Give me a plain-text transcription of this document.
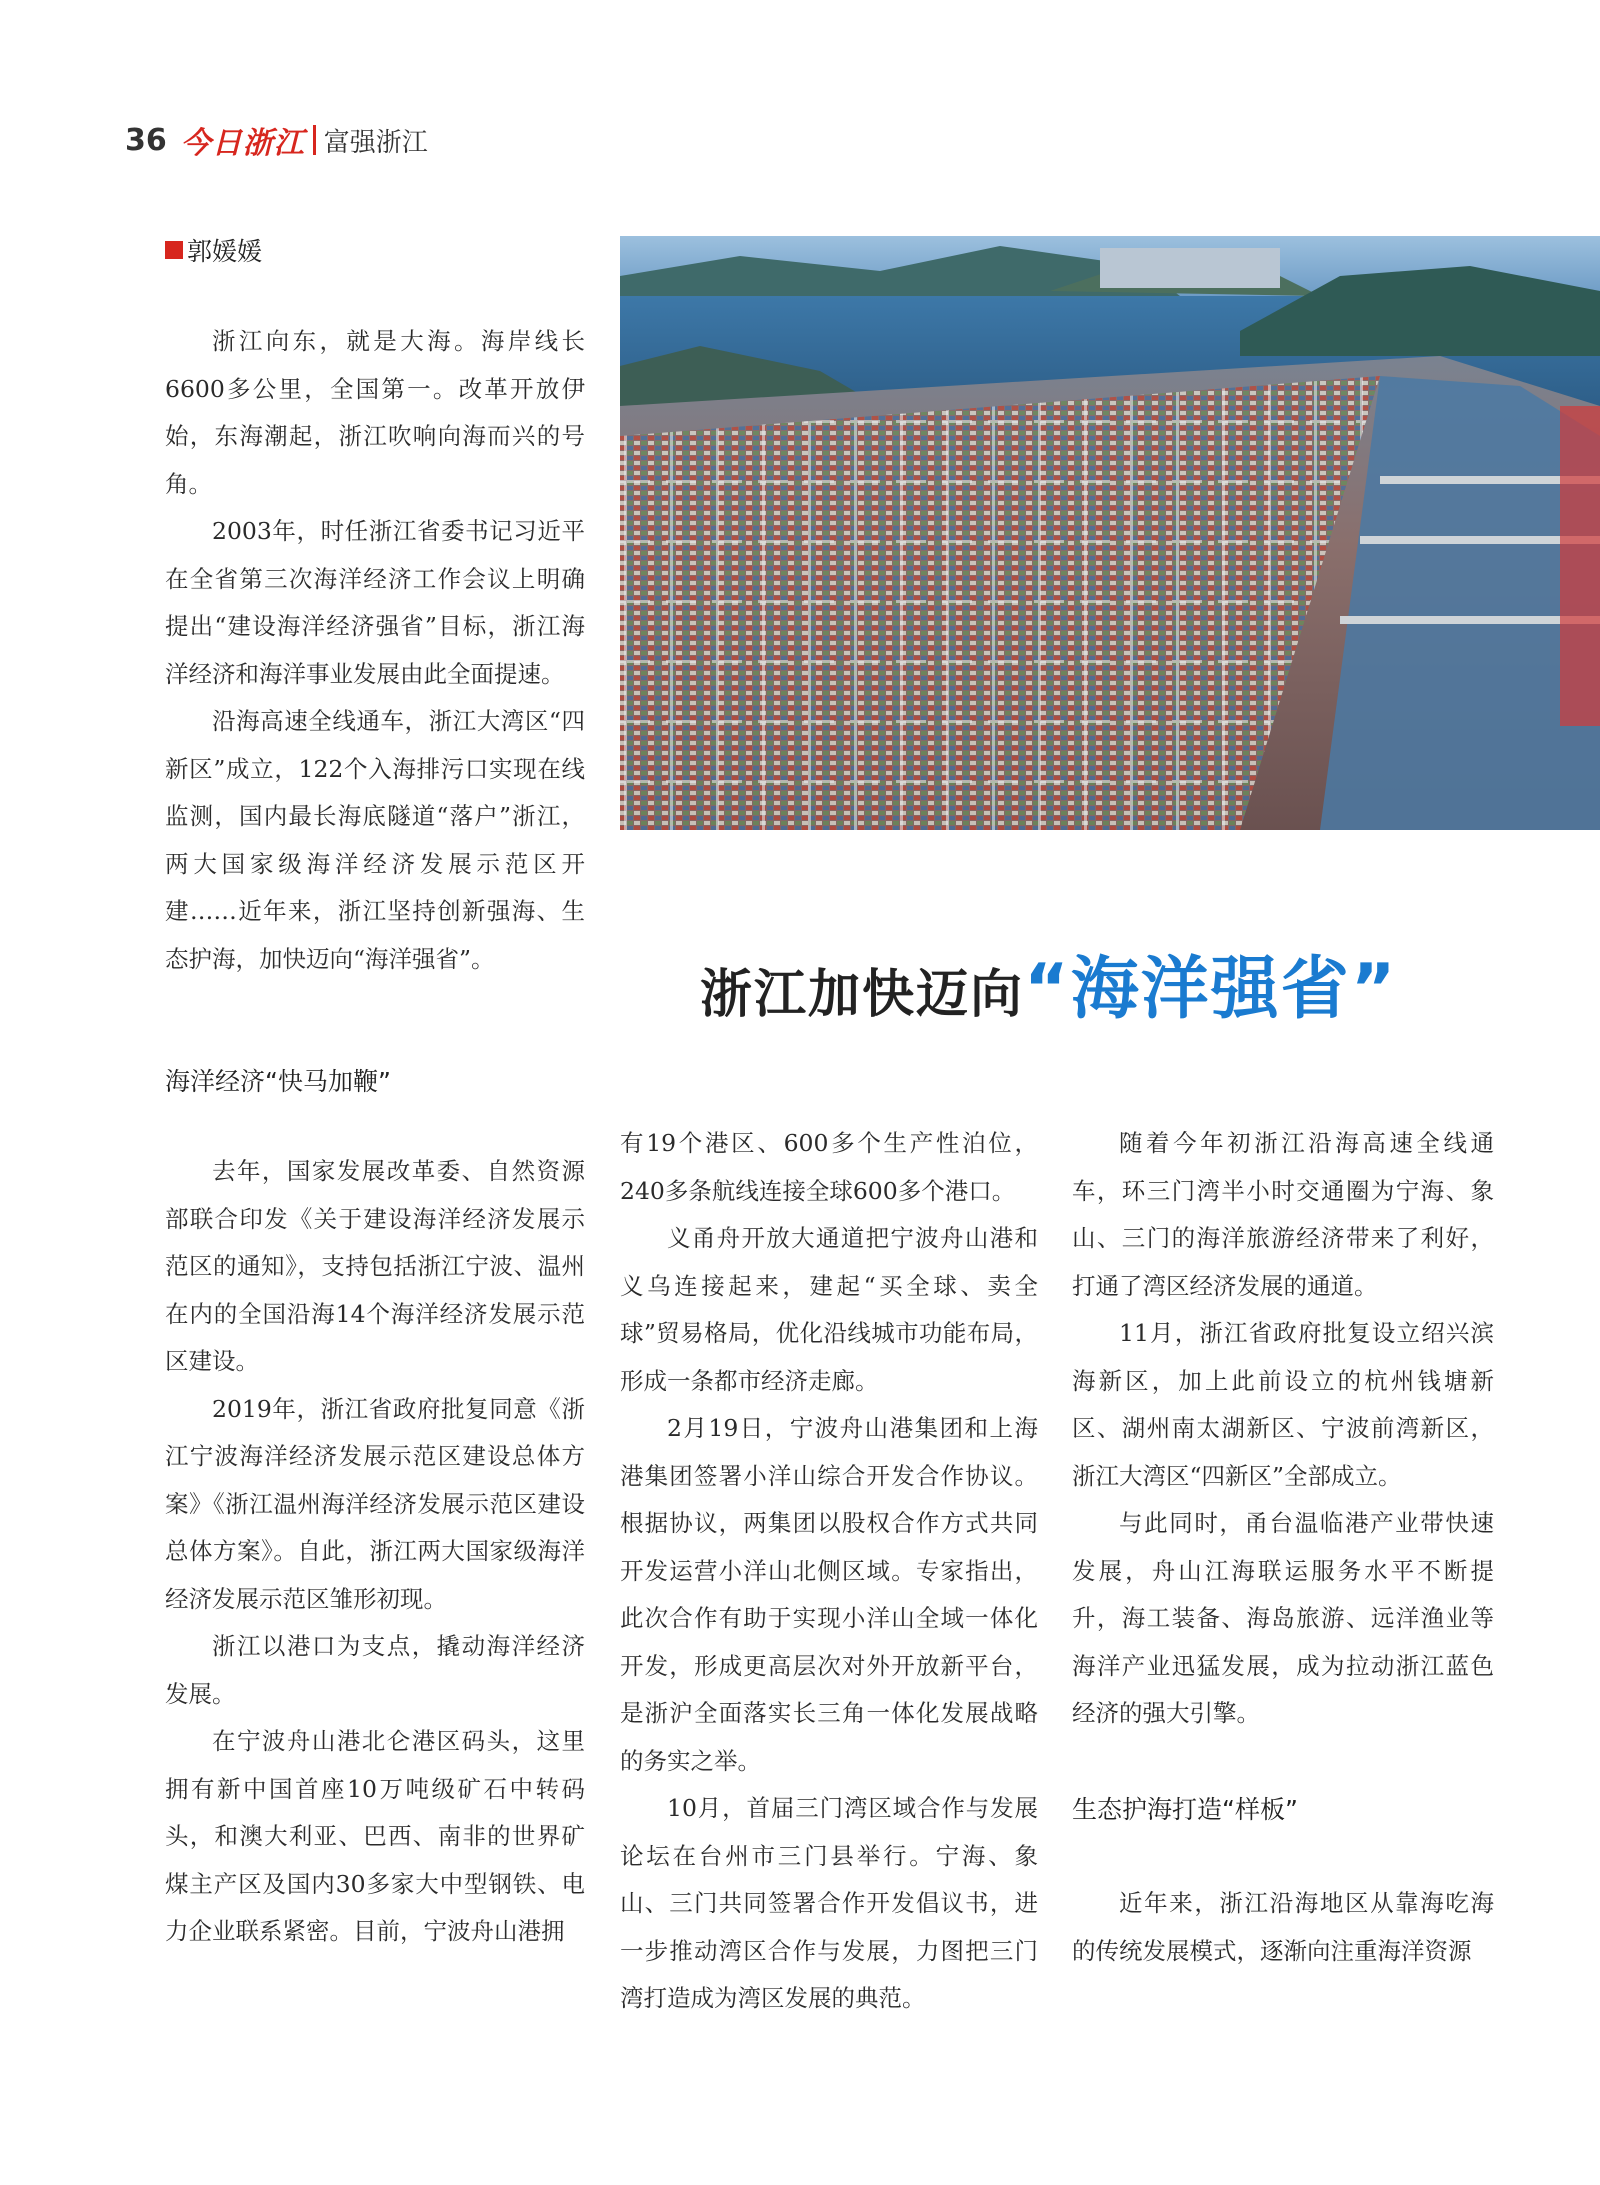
36 今日浙江 富强浙江
郭媛媛

浙江向东，就是大海。海岸线长6600多公里，全国第一。改革开放伊始，东海潮起，浙江吹响向海而兴的号角。

2003年，时任浙江省委书记习近平在全省第三次海洋经济工作会议上明确提出“建设海洋经济强省”目标，浙江海洋经济和海洋事业发展由此全面提速。

沿海高速全线通车，浙江大湾区“四新区”成立，122个入海排污口实现在线监测，国内最长海底隧道“落户”浙江，两大国家级海洋经济发展示范区开建……近年来，浙江坚持创新强海、生态护海，加快迈向“海洋强省”。

浙江加快迈向 “海洋强省”
海洋经济“快马加鞭”

去年，国家发展改革委、自然资源部联合印发《关于建设海洋经济发展示范区的通知》，支持包括浙江宁波、温州在内的全国沿海14个海洋经济发展示范区建设。

2019年，浙江省政府批复同意《浙江宁波海洋经济发展示范区建设总体方案》《浙江温州海洋经济发展示范区建设总体方案》。自此，浙江两大国家级海洋经济发展示范区雏形初现。

浙江以港口为支点，撬动海洋经济发展。

在宁波舟山港北仑港区码头，这里拥有新中国首座10万吨级矿石中转码头，和澳大利亚、巴西、南非的世界矿煤主产区及国内30多家大中型钢铁、电力企业联系紧密。目前，宁波舟山港拥

有19个港区、600多个生产性泊位，240多条航线连接全球600多个港口。

义甬舟开放大通道把宁波舟山港和义乌连接起来，建起“买全球、卖全球”贸易格局，优化沿线城市功能布局，形成一条都市经济走廊。

2月19日，宁波舟山港集团和上海港集团签署小洋山综合开发合作协议。根据协议，两集团以股权合作方式共同开发运营小洋山北侧区域。专家指出，此次合作有助于实现小洋山全域一体化开发，形成更高层次对外开放新平台，是浙沪全面落实长三角一体化发展战略的务实之举。

10月，首届三门湾区域合作与发展论坛在台州市三门县举行。宁海、象山、三门共同签署合作开发倡议书，进一步推动湾区合作与发展，力图把三门湾打造成为湾区发展的典范。

随着今年初浙江沿海高速全线通车，环三门湾半小时交通圈为宁海、象山、三门的海洋旅游经济带来了利好，打通了湾区经济发展的通道。

11月，浙江省政府批复设立绍兴滨海新区，加上此前设立的杭州钱塘新区、湖州南太湖新区、宁波前湾新区，浙江大湾区“四新区”全部成立。

与此同时，甬台温临港产业带快速发展，舟山江海联运服务水平不断提升，海工装备、海岛旅游、远洋渔业等海洋产业迅猛发展，成为拉动浙江蓝色经济的强大引擎。

生态护海打造“样板”

近年来，浙江沿海地区从靠海吃海的传统发展模式，逐渐向注重海洋资源
